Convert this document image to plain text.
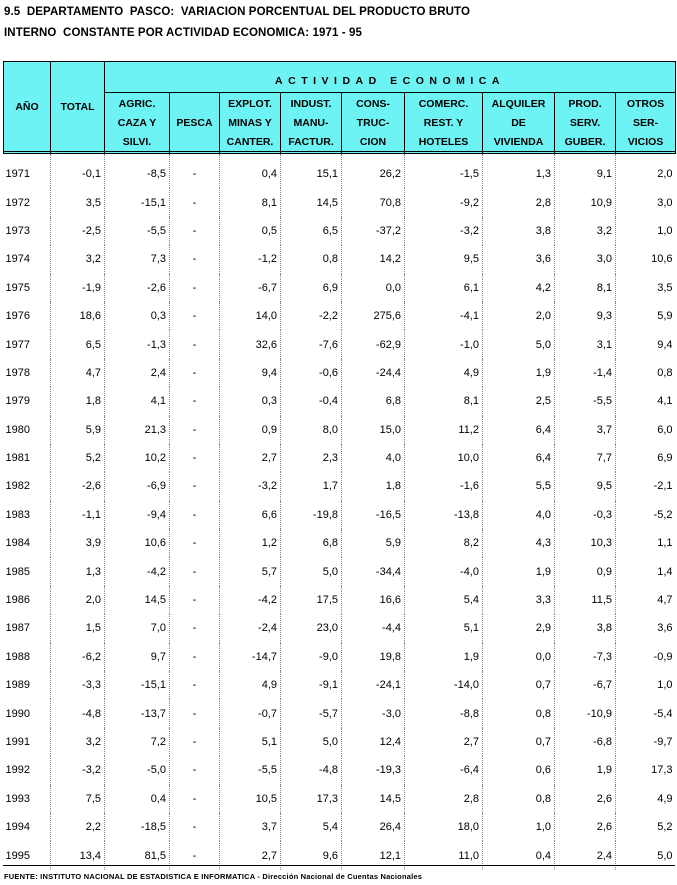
9.5  DEPARTAMENTO  PASCO:  VARIACION PORCENTUAL DEL PRODUCTO BRUTO
INTERNO  CONSTANTE POR ACTIVIDAD ECONOMICA: 1971 - 95
AÑO	TOTAL	ACTIVIDAD ECONOMICA								

		AGRIC.
CAZA Y
SILVI.	PESCA	EXPLOT.
MINAS Y
CANTER.	INDUST.
MANU-
FACTUR.	CONS-
TRUC-
CION	COMERC.
REST. Y
HOTELES	ALQUILER
DE
VIVIENDA	PROD.
SERV.
GUBER.	OTROS
SER-
VICIOS

1971	-0,1	-8,5	-	0,4	15,1	26,2	-1,5	1,3	9,1	2,0
1972	3,5	-15,1	-	8,1	14,5	70,8	-9,2	2,8	10,9	3,0
1973	-2,5	-5,5	-	0,5	6,5	-37,2	-3,2	3,8	3,2	1,0
1974	3,2	7,3	-	-1,2	0,8	14,2	9,5	3,6	3,0	10,6
1975	-1,9	-2,6	-	-6,7	6,9	0,0	6,1	4,2	8,1	3,5
1976	18,6	0,3	-	14,0	-2,2	275,6	-4,1	2,0	9,3	5,9
1977	6,5	-1,3	-	32,6	-7,6	-62,9	-1,0	5,0	3,1	9,4
1978	4,7	2,4	-	9,4	-0,6	-24,4	4,9	1,9	-1,4	0,8
1979	1,8	4,1	-	0,3	-0,4	6,8	8,1	2,5	-5,5	4,1
1980	5,9	21,3	-	0,9	8,0	15,0	11,2	6,4	3,7	6,0
1981	5,2	10,2	-	2,7	2,3	4,0	10,0	6,4	7,7	6,9
1982	-2,6	-6,9	-	-3,2	1,7	1,8	-1,6	5,5	9,5	-2,1
1983	-1,1	-9,4	-	6,6	-19,8	-16,5	-13,8	4,0	-0,3	-5,2
1984	3,9	10,6	-	1,2	6,8	5,9	8,2	4,3	10,3	1,1
1985	1,3	-4,2	-	5,7	5,0	-34,4	-4,0	1,9	0,9	1,4
1986	2,0	14,5	-	-4,2	17,5	16,6	5,4	3,3	11,5	4,7
1987	1,5	7,0	-	-2,4	23,0	-4,4	5,1	2,9	3,8	3,6
1988	-6,2	9,7	-	-14,7	-9,0	19,8	1,9	0,0	-7,3	-0,9
1989	-3,3	-15,1	-	4,9	-9,1	-24,1	-14,0	0,7	-6,7	1,0
1990	-4,8	-13,7	-	-0,7	-5,7	-3,0	-8,8	0,8	-10,9	-5,4
1991	3,2	7,2	-	5,1	5,0	12,4	2,7	0,7	-6,8	-9,7
1992	-3,2	-5,0	-	-5,5	-4,8	-19,3	-6,4	0,6	1,9	17,3
1993	7,5	0,4	-	10,5	17,3	14,5	2,8	0,8	2,6	4,9
1994	2,2	-18,5	-	3,7	5,4	26,4	18,0	1,0	2,6	5,2
1995	13,4	81,5	-	2,7	9,6	12,1	11,0	0,4	2,4	5,0
FUENTE: INSTITUTO NACIONAL DE ESTADISTICA E INFORMATICA - Dirección Nacional de Cuentas Nacionales
